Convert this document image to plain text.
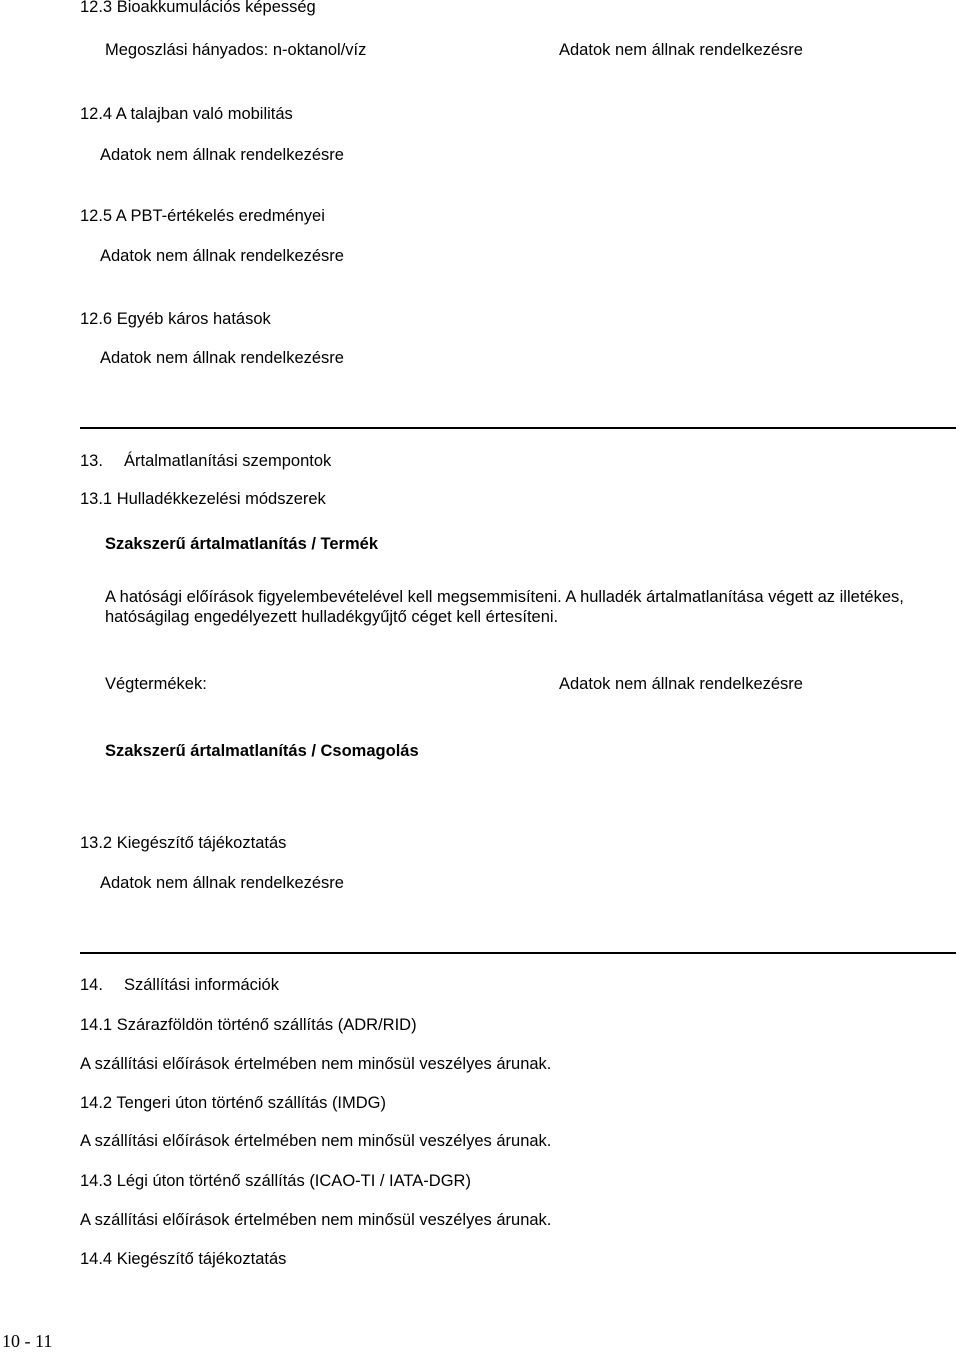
12.3 Bioakkumulációs képesség
Megoszlási hányados: n-oktanol/víz	Adatok nem állnak rendelkezésre
12.4 A talajban való mobilitás
Adatok nem állnak rendelkezésre
12.5 A PBT-értékelés eredményei
Adatok nem állnak rendelkezésre
12.6 Egyéb káros hatások
Adatok nem állnak rendelkezésre
13. Ártalmatlanítási szempontok
13.1 Hulladékkezelési módszerek
Szakszerű ártalmatlanítás / Termék
A hatósági előírások figyelembevételével kell megsemmisíteni. A hulladék ártalmatlanítása végett az illetékes, hatóságilag engedélyezett hulladékgyűjtő céget kell értesíteni.
Végtermékek:	Adatok nem állnak rendelkezésre
Szakszerű ártalmatlanítás / Csomagolás
13.2 Kiegészítő tájékoztatás
Adatok nem állnak rendelkezésre
14. Szállítási információk
14.1 Szárazföldön történő szállítás (ADR/RID)
A szállítási előírások értelmében nem minősül veszélyes árunak.
14.2 Tengeri úton történő szállítás (IMDG)
A szállítási előírások értelmében nem minősül veszélyes árunak.
14.3 Légi úton történő szállítás (ICAO-TI / IATA-DGR)
A szállítási előírások értelmében nem minősül veszélyes árunak.
14.4 Kiegészítő tájékoztatás
10 - 11
